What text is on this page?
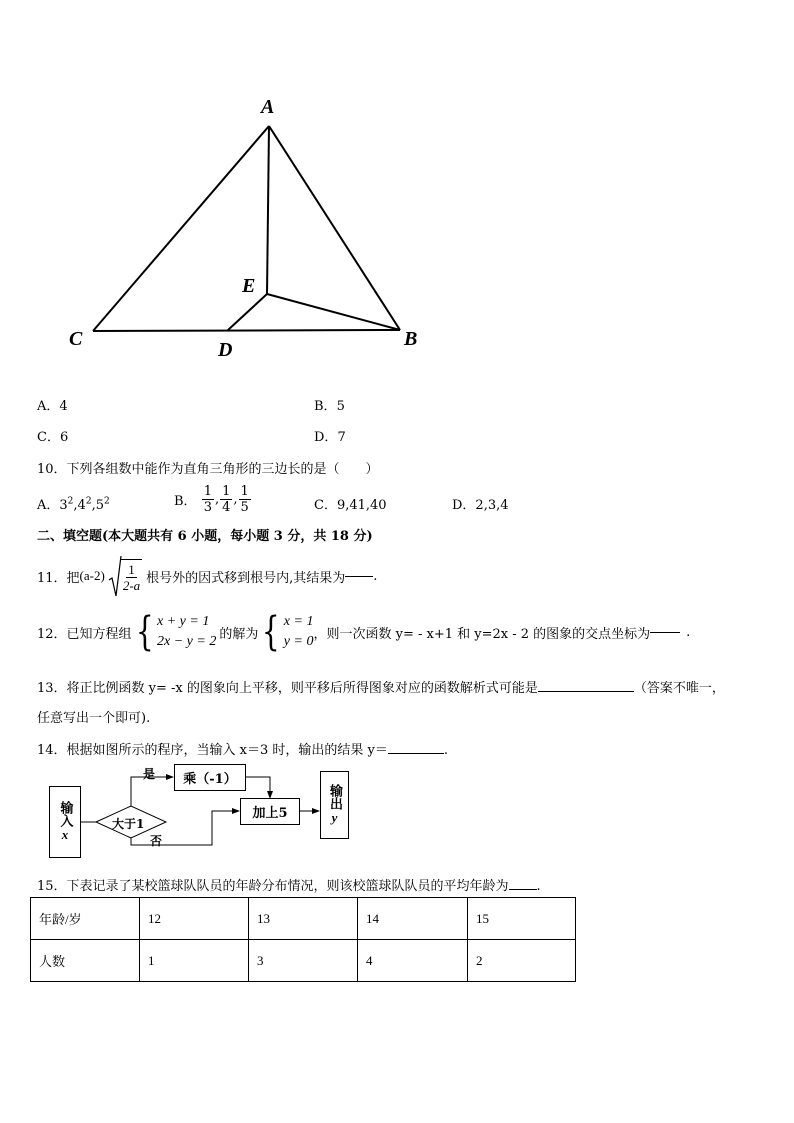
A
E
C	D	B
A．4	B．5
C．6	D．7
10．下列各组数中能作为直角三角形的三边长的是（　　）
A．$3^2,4^2,5^2$	B． $\frac{1}{3}$ , $\frac{1}{4}$ , $\frac{1}{5}$	C．9,41,40	D．2,3,4
二、填空题(本大题共有 6 小题，每小题 3 分，共 18 分)
11．把 $(a-2) \frac{1}{2-a}$ 根号外的因式移到根号内,其结果为 .
12．已知方程组 { x + y = 1
2x − y = 2 的解为 { x = 1
y = 0 ，则一次函数 y= - x+1 和 y=2x - 2 的图象的交点坐标为	.
13．将正比例函数 y= -x 的图象向上平移，则平移后所得图象对应的函数解析式可能是	（答案不唯一，
任意写出一个即可).
14．根据如图所示的程序，当输入 x＝3 时，输出的结果 y＝	.
输入
x
大于1
是
否
乘（-1）
加上5
输出
y
15．下表记录了某校篮球队队员的年龄分布情况，则该校篮球队队员的平均年龄为 .
年龄/岁	12	13	14	15
人数	1	3	4	2
